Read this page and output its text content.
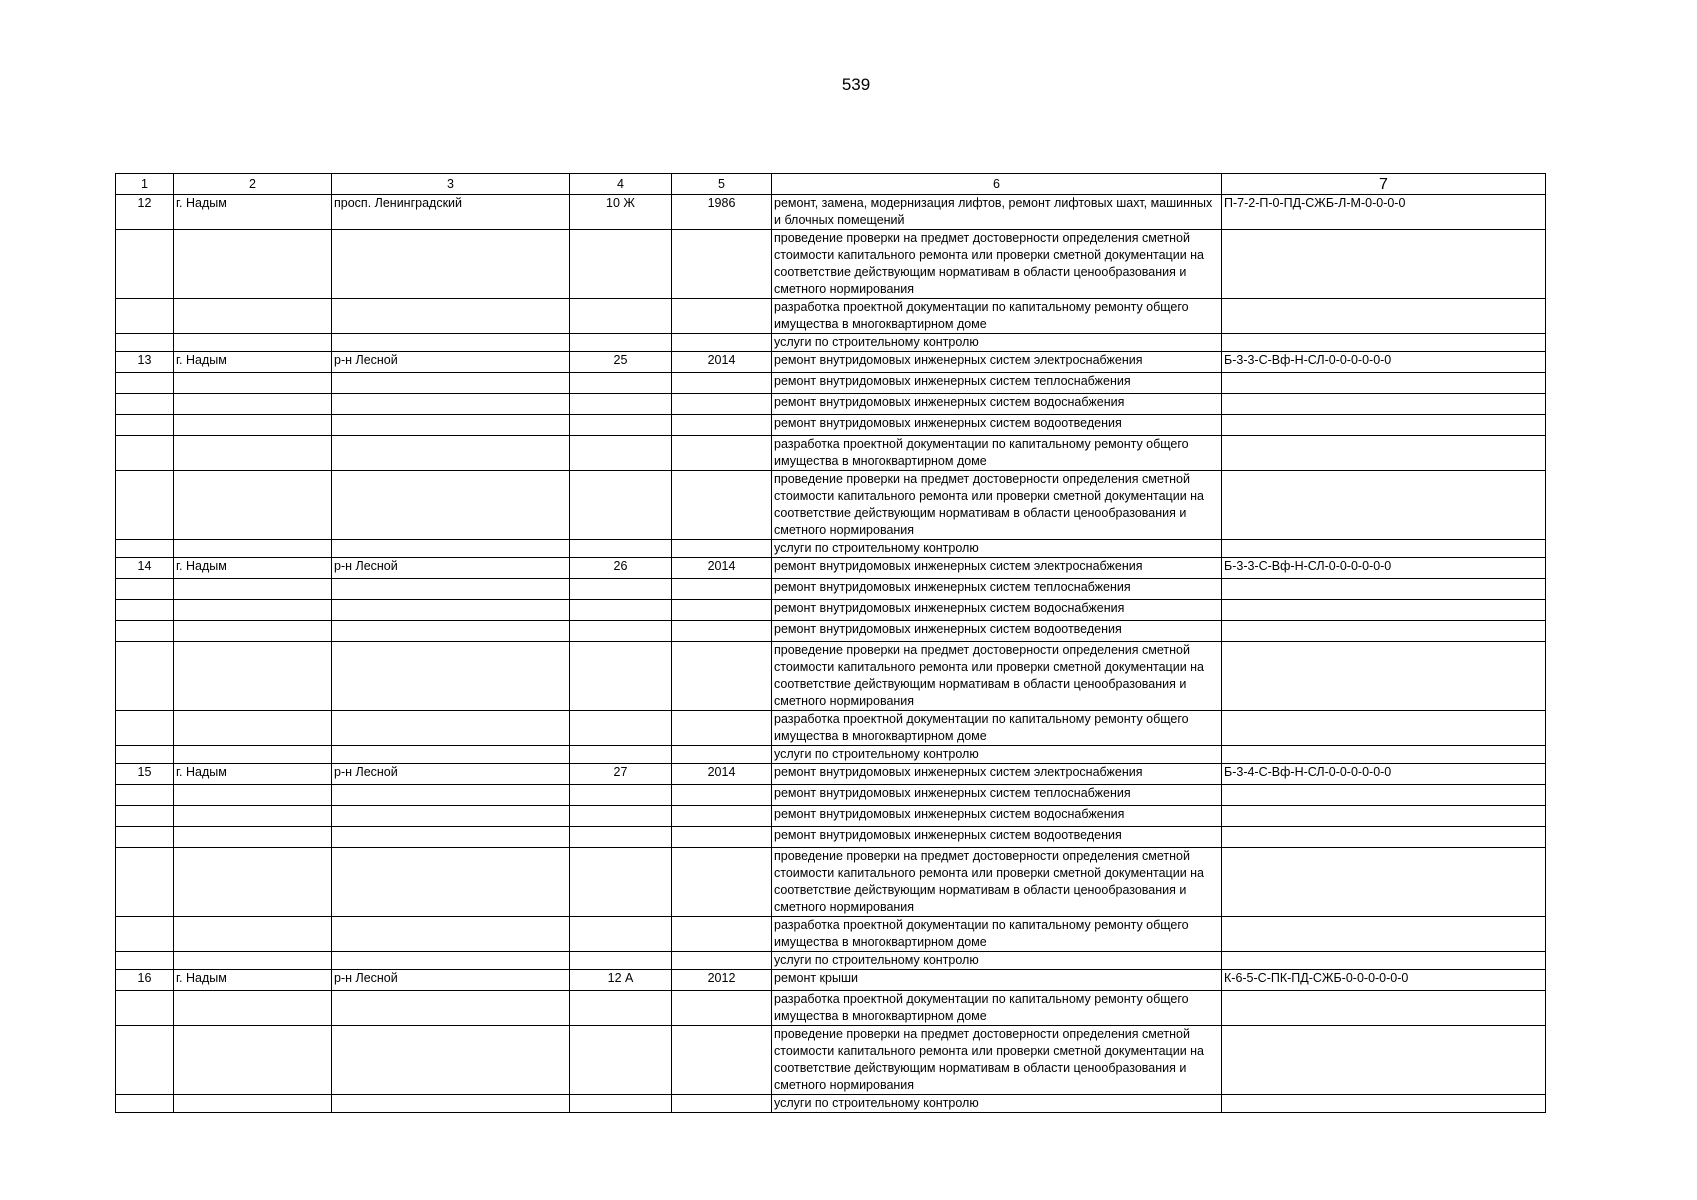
539
1	2	3	4	5	6	7
12	г. Надым	просп. Ленинградский	10 Ж	1986	ремонт, замена, модернизация лифтов, ремонт лифтовых шахт, машинных и блочных помещений	П-7-2-П-0-ПД-СЖБ-Л-М-0-0-0-0
					проведение проверки на предмет достоверности определения сметной стоимости капитального ремонта или проверки сметной документации на соответствие действующим нормативам в области ценообразования и сметного нормирования	
					разработка проектной документации по капитальному ремонту общего имущества в многоквартирном доме	
					услуги по строительному контролю	
13	г. Надым	р-н Лесной	25	2014	ремонт внутридомовых инженерных систем электроснабжения	Б-3-3-С-Вф-Н-СЛ-0-0-0-0-0-0
					ремонт внутридомовых инженерных систем теплоснабжения	
					ремонт внутридомовых инженерных систем водоснабжения	
					ремонт внутридомовых инженерных систем водоотведения	
					разработка проектной документации по капитальному ремонту общего имущества в многоквартирном доме	
					проведение проверки на предмет достоверности определения сметной стоимости капитального ремонта или проверки сметной документации на соответствие действующим нормативам в области ценообразования и сметного нормирования	
					услуги по строительному контролю	
14	г. Надым	р-н Лесной	26	2014	ремонт внутридомовых инженерных систем электроснабжения	Б-3-3-С-Вф-Н-СЛ-0-0-0-0-0-0
					ремонт внутридомовых инженерных систем теплоснабжения	
					ремонт внутридомовых инженерных систем водоснабжения	
					ремонт внутридомовых инженерных систем водоотведения	
					проведение проверки на предмет достоверности определения сметной стоимости капитального ремонта или проверки сметной документации на соответствие действующим нормативам в области ценообразования и сметного нормирования	
					разработка проектной документации по капитальному ремонту общего имущества в многоквартирном доме	
					услуги по строительному контролю	
15	г. Надым	р-н Лесной	27	2014	ремонт внутридомовых инженерных систем электроснабжения	Б-3-4-С-Вф-Н-СЛ-0-0-0-0-0-0
					ремонт внутридомовых инженерных систем теплоснабжения	
					ремонт внутридомовых инженерных систем водоснабжения	
					ремонт внутридомовых инженерных систем водоотведения	
					проведение проверки на предмет достоверности определения сметной стоимости капитального ремонта или проверки сметной документации на соответствие действующим нормативам в области ценообразования и сметного нормирования	
					разработка проектной документации по капитальному ремонту общего имущества в многоквартирном доме	
					услуги по строительному контролю	
16	г. Надым	р-н Лесной	12 А	2012	ремонт крыши	К-6-5-С-ПК-ПД-СЖБ-0-0-0-0-0-0
					разработка проектной документации по капитальному ремонту общего имущества в многоквартирном доме	
					проведение проверки на предмет достоверности определения сметной стоимости капитального ремонта или проверки сметной документации на соответствие действующим нормативам в области ценообразования и сметного нормирования	
					услуги по строительному контролю	
